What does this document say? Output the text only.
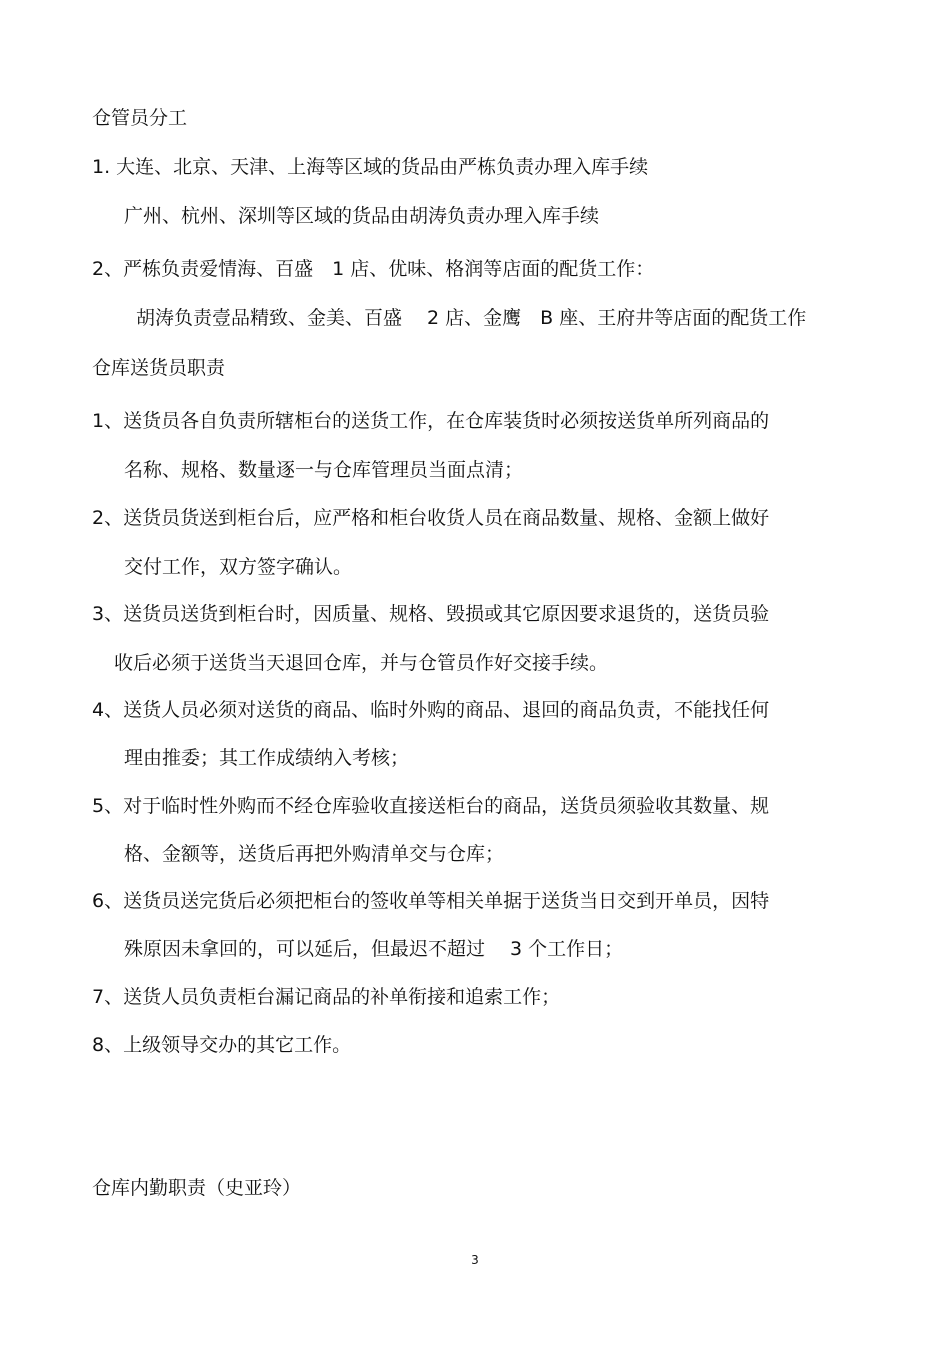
仓管员分工
1. 大连、北京、天津、上海等区域的货品由严栋负责办理入库手续
广州、杭州、深圳等区域的货品由胡涛负责办理入库手续
2、严栋负责爱情海、百盛　1 店、优味、格润等店面的配货工作：
胡涛负责壹品精致、金美、百盛　 2 店、金鹰　B 座、王府井等店面的配货工作
仓库送货员职责
1、送货员各自负责所辖柜台的送货工作，在仓库装货时必须按送货单所列商品的
名称、规格、数量逐一与仓库管理员当面点清；
2、送货员货送到柜台后，应严格和柜台收货人员在商品数量、规格、金额上做好
交付工作，双方签字确认。
3、送货员送货到柜台时，因质量、规格、毁损或其它原因要求退货的，送货员验
收后必须于送货当天退回仓库，并与仓管员作好交接手续。
4、送货人员必须对送货的商品、临时外购的商品、退回的商品负责，不能找任何
理由推委；其工作成绩纳入考核；
5、对于临时性外购而不经仓库验收直接送柜台的商品，送货员须验收其数量、规
格、金额等，送货后再把外购清单交与仓库；
6、送货员送完货后必须把柜台的签收单等相关单据于送货当日交到开单员，因特
殊原因未拿回的，可以延后，但最迟不超过　 3 个工作日；
7、送货人员负责柜台漏记商品的补单衔接和追索工作；
8、上级领导交办的其它工作。
仓库内勤职责（史亚玲）
3
